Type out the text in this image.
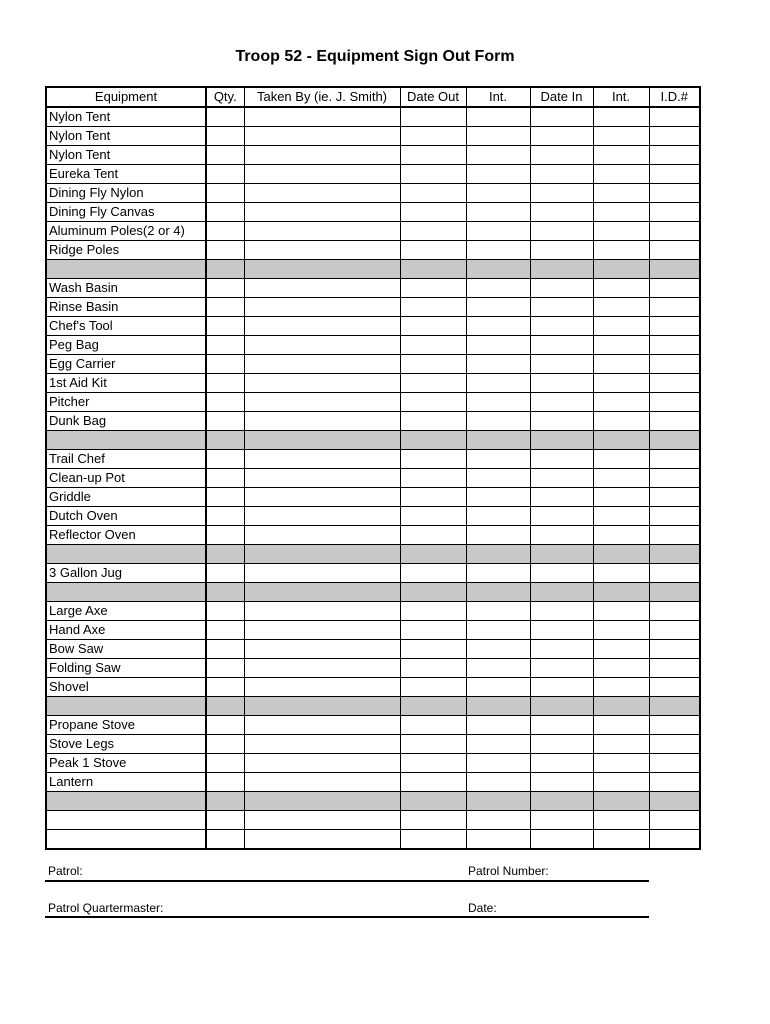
Troop 52 - Equipment Sign Out Form
Equipment	Qty.	Taken By (ie. J. Smith)	Date Out	Int.	Date In	Int.	I.D.#
Nylon Tent							
Nylon Tent							
Nylon Tent							
Eureka Tent							
Dining Fly Nylon							
Dining Fly Canvas							
Aluminum Poles(2 or 4)							
Ridge Poles							

Wash Basin							
Rinse Basin							
Chef's Tool							
Peg Bag							
Egg Carrier							
1st Aid Kit							
Pitcher							
Dunk Bag							

Trail Chef							
Clean-up Pot							
Griddle							
Dutch Oven							
Reflector Oven							

3 Gallon Jug							

Large Axe							
Hand Axe							
Bow Saw							
Folding Saw							
Shovel							

Propane Stove							
Stove Legs							
Peak 1 Stove							
Lantern							

Patrol:	Patrol Number:
Patrol Quartermaster:	Date:
